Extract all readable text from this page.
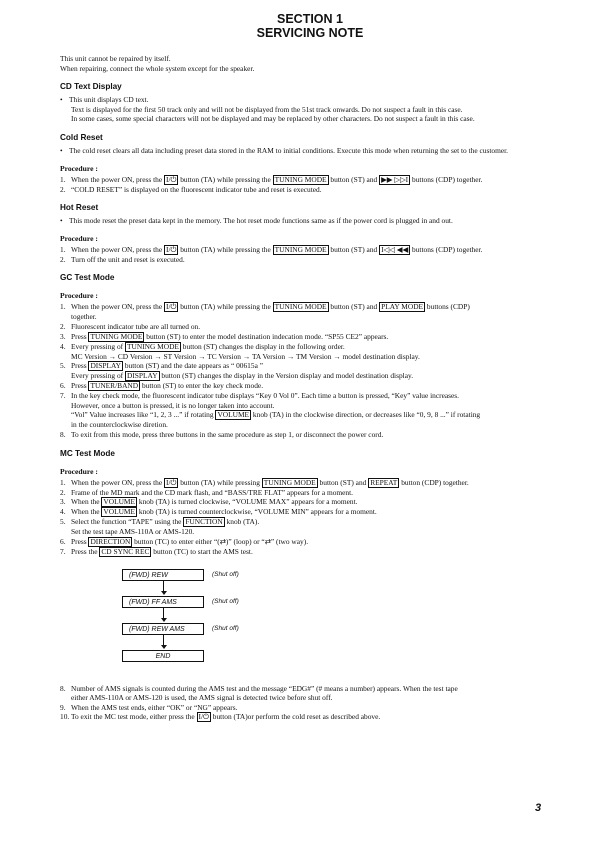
SECTION 1

SERVICING NOTE

This unit cannot be repaired by itself.

When repairing, connect the whole system except for the speaker.

CD Text Display

• This unit displays CD text.
Text is displayed for the first 50 track only and will not be displayed from the 51st track onwards. Do not suspect a fault in this case.
In some cases, some special characters will not be displayed and may be replaced by other characters. Do not suspect a fault in this case.

Cold Reset

• The cold reset clears all data including preset data stored in the RAM to initial conditions. Execute this mode when returning the set to the customer.

Procedure :

1. When the power ON, press the I/⏻ button (TA) while pressing the TUNING MODE button (ST) and ▶▶ ▷▷I buttons (CDP) together.
2. “COLD RESET” is displayed on the fluorescent indicator tube and reset is executed.

Hot Reset

• This mode reset the preset data kept in the memory. The hot reset mode functions same as if the power cord is plugged in and out.

Procedure :

1. When the power ON, press the I/⏻ button (TA) while pressing the TUNING MODE button (ST) and I◁◁ ◀◀ buttons (CDP) together.
2. Turn off the unit and reset is executed.

GC Test Mode

Procedure :

1. When the power ON, press the I/⏻ button (TA) while pressing the TUNING MODE button (ST) and PLAY MODE buttons (CDP)
together.
2. Fluorescent indicator tube are all turned on.
3. Press TUNING MODE button (ST) to enter the model destination indecation mode. “SP55 CE2” appears.
4. Every pressing of TUNING MODE button (ST) changes the display in the following order.
MC Version → CD Version → ST Version → TC Version → TA Version → TM Version → model destination display.
5. Press DISPLAY button (ST) and the date appears as “ 00615a ”
Every pressing of DISPLAY button (ST) changes the display in the Version display and model destination display.
6. Press TUNER/BAND button (ST) to enter the key check mode.
7. In the key check mode, the fluorescent indicator tube displays “Key 0 Vol 0”. Each time a button is pressed, “Key” value increases.
However, once a button is pressed, it is no longer taken into account.
“Vol” Value increases like “1, 2, 3 ...” if rotating VOLUME knob (TA) in the clockwise direction, or decreases like “0, 9, 8 ...” if rotating
in the counterclockwise diretion.
8. To exit from this mode, press three buttons in the same procedure as step 1, or disconnect the power cord.

MC Test Mode

Procedure :

1. When the power ON, press the I/⏻ button (TA) while pressing TUNING MODE button (ST) and REPEAT button (CDP) together.
2. Frame of the MD mark and the CD mark flash, and “BASS/TRE FLAT” appears for a moment.
3. When the VOLUME knob (TA) is turned clockwise, “VOLUME MAX” appears for a moment.
4. When the VOLUME knob (TA) is turned counterclockwise, “VOLUME MIN” appears for a moment.
5. Select the function “TAPE” using the FUNCTION knob (TA).
Set the test tape AMS-110A or AMS-120.
6. Press DIRECTION button (TC) to enter either “(⇄)” (loop) or “⇄” (two way).
7. Press the CD SYNC REC button (TC) to start the AMS test.
(FWD) REW	(Shut off)
(FWD) FF AMS	(Shut off)
(FWD) REW AMS	(Shut off)
END
8. Number of AMS signals is counted during the AMS test and the message “EDG#” (# means a number) appears. When the test tape
either AMS-110A or AMS-120 is used, the AMS signal is detected twice before shut off.
9. When the AMS test ends, either “OK” or “NG” appears.
10. To exit the MC test mode, either press the I/⏻ button (TA)or perform the cold reset as described above.
3
